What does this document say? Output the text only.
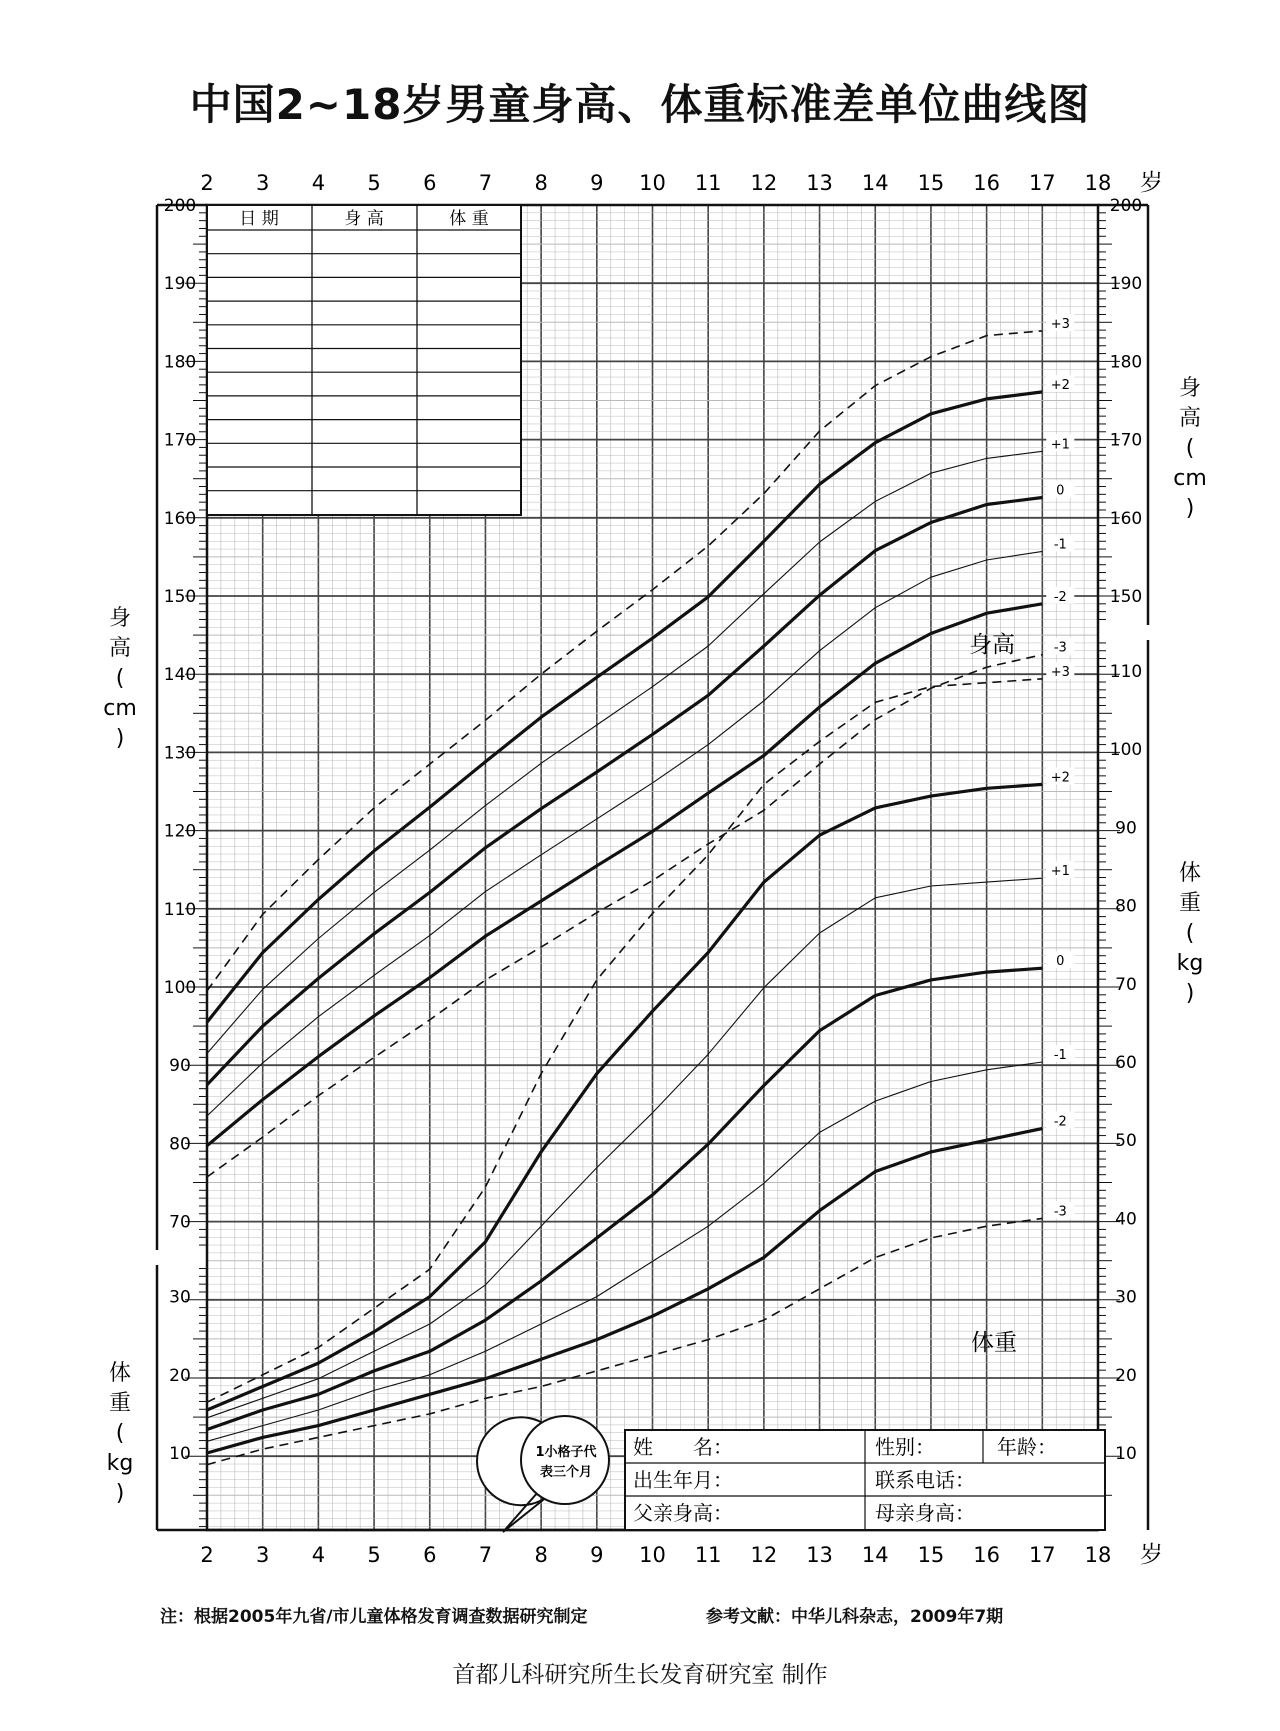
中国2~18岁男童身高、体重标准差单位曲线图
2
2
3
3
4
4
5
5
6
6
7
7
8
8
9
9
10
10
11
11
12
12
13
13
14
14
15
15
16
16
17
17
18
18
岁
岁
70
80
90
100
110
120
130
140
150
160
170
180
190
200
150
160
170
180
190
200
10
20
30
10
20
30
40
50
60
70
80
90
100
110
身
高
(
cm
)
身
高
(
cm
)
体
重
(
kg
)
体
重
(
kg
)
+3
+2
+1
0
-1
-2
-3
+3
+2
+1
0
-1
-2
-3
身高
体重
日 期	身 高	体 重
姓　　名：	性别：	年龄：
出生年月：	联系电话：
父亲身高：	母亲身高：
1小格子代
表三个月
注：根据2005年九省/市儿童体格发育调查数据研究制定	参考文献：中华儿科杂志，2009年7期
首都儿科研究所生长发育研究室 制作
